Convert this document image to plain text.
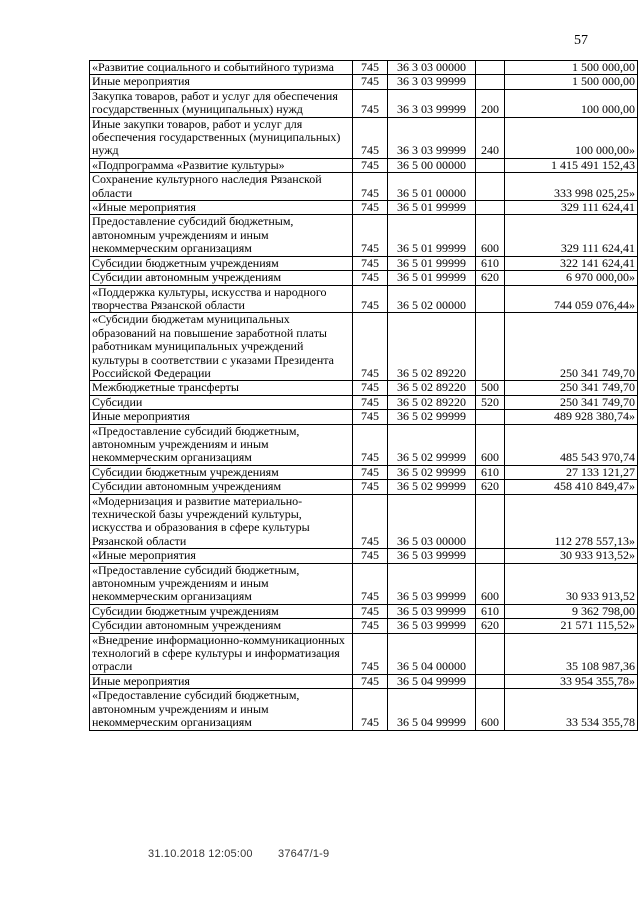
57
«Развитие социального и событийного туризма	745	36 3 03 00000		1 500 000,00
Иные мероприятия	745	36 3 03 99999		1 500 000,00
Закупка товаров, работ и услуг для обеспечения государственных (муниципальных) нужд	745	36 3 03 99999	200	100 000,00
Иные закупки товаров, работ и услуг для обеспечения государственных (муниципальных) нужд	745	36 3 03 99999	240	100 000,00»
«Подпрограмма «Развитие культуры»	745	36 5 00 00000		1 415 491 152,43
Сохранение культурного наследия Рязанской области	745	36 5 01 00000		333 998 025,25»
«Иные мероприятия	745	36 5 01 99999		329 111 624,41
Предоставление субсидий бюджетным, автономным учреждениям и иным некоммерческим организациям	745	36 5 01 99999	600	329 111 624,41
Субсидии бюджетным учреждениям	745	36 5 01 99999	610	322 141 624,41
Субсидии автономным учреждениям	745	36 5 01 99999	620	6 970 000,00»
«Поддержка культуры, искусства и народного творчества Рязанской области	745	36 5 02 00000		744 059 076,44»
«Субсидии бюджетам муниципальных образований на повышение заработной платы работникам муниципальных учреждений культуры в соответствии с указами Президента Российской Федерации	745	36 5 02 89220		250 341 749,70
Межбюджетные трансферты	745	36 5 02 89220	500	250 341 749,70
Субсидии	745	36 5 02 89220	520	250 341 749,70
Иные мероприятия	745	36 5 02 99999		489 928 380,74»
«Предоставление субсидий бюджетным, автономным учреждениям и иным некоммерческим организациям	745	36 5 02 99999	600	485 543 970,74
Субсидии бюджетным учреждениям	745	36 5 02 99999	610	27 133 121,27
Субсидии автономным учреждениям	745	36 5 02 99999	620	458 410 849,47»
«Модернизация и развитие материально-технической базы учреждений культуры, искусства и образования в сфере культуры Рязанской области	745	36 5 03 00000		112 278 557,13»
«Иные мероприятия	745	36 5 03 99999		30 933 913,52»
«Предоставление субсидий бюджетным, автономным учреждениям и иным некоммерческим организациям	745	36 5 03 99999	600	30 933 913,52
Субсидии бюджетным учреждениям	745	36 5 03 99999	610	9 362 798,00
Субсидии автономным учреждениям	745	36 5 03 99999	620	21 571 115,52»
«Внедрение информационно-коммуникационных технологий в сфере культуры и информатизация отрасли	745	36 5 04 00000		35 108 987,36
Иные мероприятия	745	36 5 04 99999		33 954 355,78»
«Предоставление субсидий бюджетным, автономным учреждениям и иным некоммерческим организациям	745	36 5 04 99999	600	33 534 355,78
31.10.2018 12:05:00 37647/1-9
